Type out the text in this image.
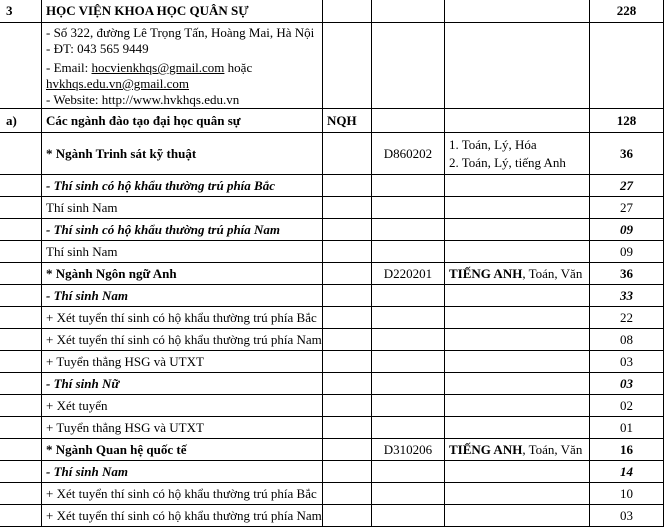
3	HỌC VIỆN KHOA HỌC QUÂN SỰ				228

	- Số 322, đường Lê Trọng Tấn, Hoàng Mai, Hà Nội
- ĐT: 043 565 9449
- Email: hocvienkhqs@gmail.com hoặc
hvkhqs.edu.vn@gmail.com
- Website: http://www.hvkhqs.edu.vn				

a)	Các ngành đào tạo đại học quân sự	NQH			128
	* Ngành Trinh sát kỹ thuật		D860202	1. Toán, Lý, Hóa
2. Toán, Lý, tiếng Anh	36
	- Thí sinh có hộ khẩu thường trú phía Bắc				27
	Thí sinh Nam				27
	- Thí sinh có hộ khẩu thường trú phía Nam				09
	Thí sinh Nam				09
	* Ngành Ngôn ngữ Anh		D220201	TIẾNG ANH, Toán, Văn	36
	- Thí sinh Nam				33
	+ Xét tuyển thí sinh có hộ khẩu thường trú phía Bắc				22
	+ Xét tuyển thí sinh có hộ khẩu thường trú phía Nam				08
	+ Tuyển thẳng HSG và UTXT				03
	- Thí sinh Nữ				03
	+ Xét tuyển				02
	+ Tuyển thẳng HSG và UTXT				01
	* Ngành Quan hệ quốc tế		D310206	TIẾNG ANH, Toán, Văn	16
	- Thí sinh Nam				14
	+ Xét tuyển thí sinh có hộ khẩu thường trú phía Bắc				10
	+ Xét tuyển thí sinh có hộ khẩu thường trú phía Nam				03
